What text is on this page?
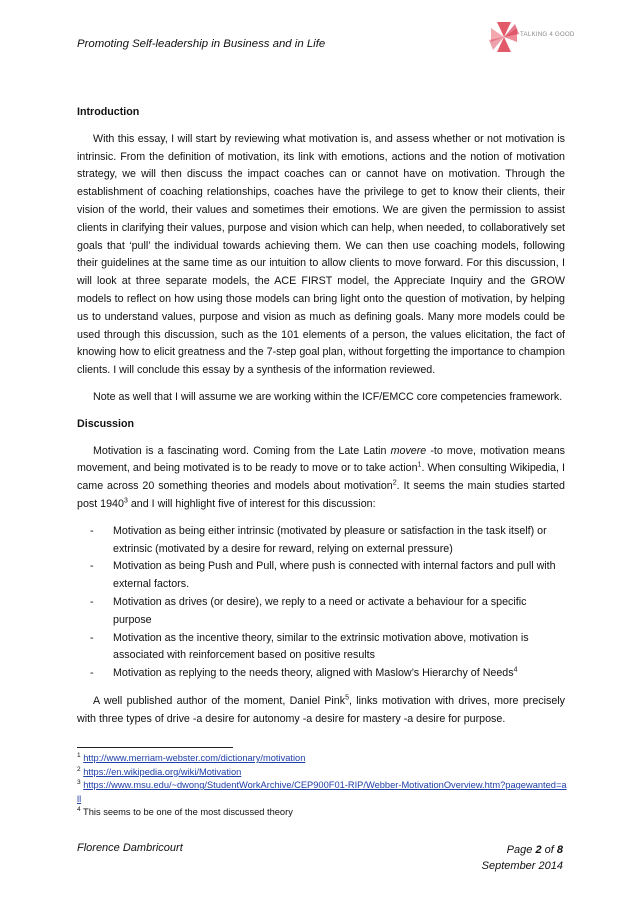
Promoting Self-leadership in Business and in Life
TALKING 4 GOOD
Introduction

With this essay, I will start by reviewing what motivation is, and assess whether or not motivation is intrinsic. From the definition of motivation, its link with emotions, actions and the notion of motivation strategy, we will then discuss the impact coaches can or cannot have on motivation. Through the establishment of coaching relationships, coaches have the privilege to get to know their clients, their vision of the world, their values and sometimes their emotions. We are given the permission to assist clients in clarifying their values, purpose and vision which can help, when needed, to collaboratively set goals that ‘pull’ the individual towards achieving them. We can then use coaching models, following their guidelines at the same time as our intuition to allow clients to move forward. For this discussion, I will look at three separate models, the ACE FIRST model, the Appreciate Inquiry and the GROW models to reflect on how using those models can bring light onto the question of motivation, by helping us to understand values, purpose and vision as much as defining goals. Many more models could be used through this discussion, such as the 101 elements of a person, the values elicitation, the fact of knowing how to elicit greatness and the 7-step goal plan, without forgetting the importance to champion clients. I will conclude this essay by a synthesis of the information reviewed.

Note as well that I will assume we are working within the ICF/EMCC core competencies framework.

Discussion

Motivation is a fascinating word. Coming from the Late Latin movere -to move, motivation means movement, and being motivated is to be ready to move or to take action$^1$. When consulting Wikipedia, I came across 20 something theories and models about motivation$^2$. It seems the main studies started post 1940$^3$ and I will highlight five of interest for this discussion:

- Motivation as being either intrinsic (motivated by pleasure or satisfaction in the task itself) or extrinsic (motivated by a desire for reward, relying on external pressure)
- Motivation as being Push and Pull, where push is connected with internal factors and pull with external factors.
- Motivation as drives (or desire), we reply to a need or activate a behaviour for a specific purpose
- Motivation as the incentive theory, similar to the extrinsic motivation above, motivation is associated with reinforcement based on positive results
- Motivation as replying to the needs theory, aligned with Maslow’s Hierarchy of Needs$^4$

A well published author of the moment, Daniel Pink$^5$, links motivation with drives, more precisely with three types of drive -a desire for autonomy -a desire for mastery -a desire for purpose.

$^1$ http://www.merriam-webster.com/dictionary/motivation
$^2$ https://en.wikipedia.org/wiki/Motivation
$^3$ https://www.msu.edu/~dwong/StudentWorkArchive/CEP900F01-RIP/Webber-MotivationOverview.htm?pagewanted=all
$^4$ This seems to be one of the most discussed theory
Florence Dambricourt	Page 2 of 8
September 2014
